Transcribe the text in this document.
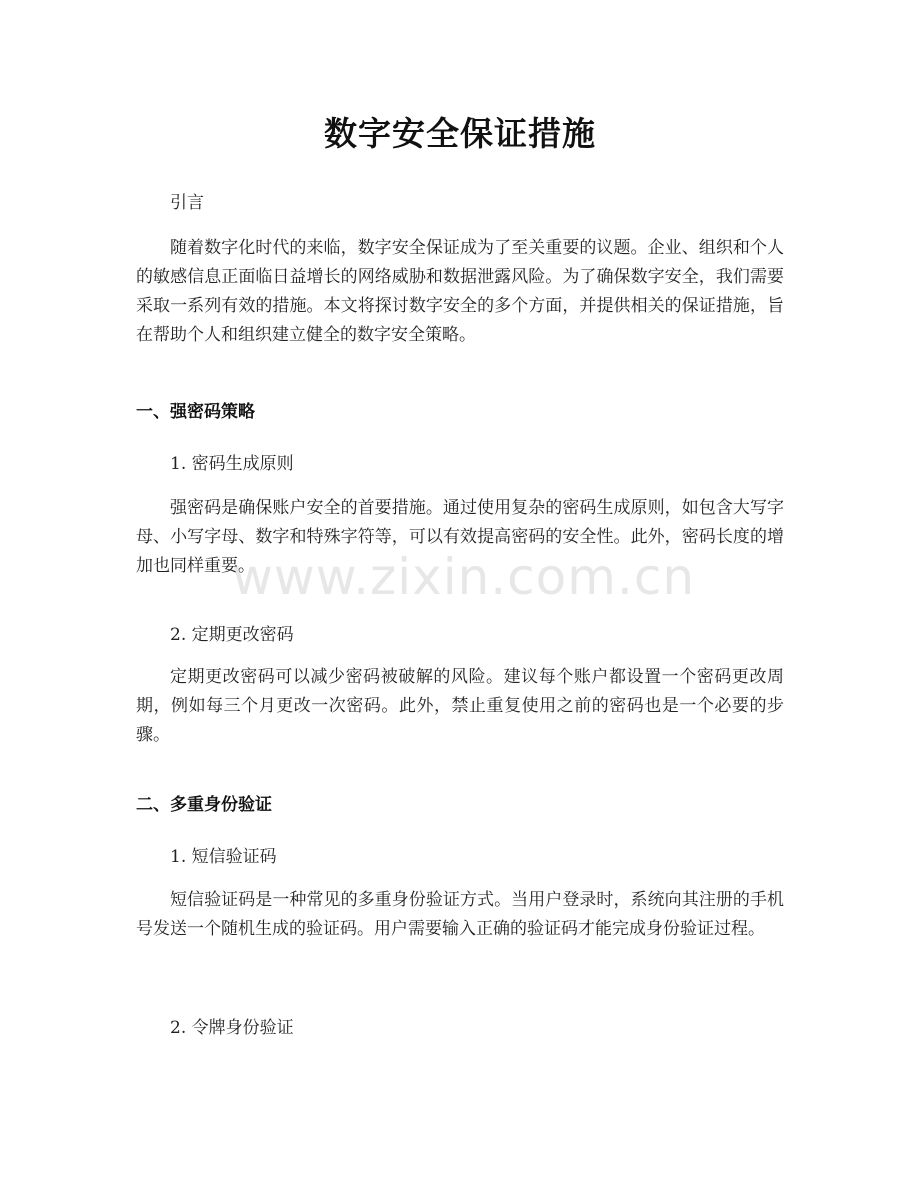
数字安全保证措施
引言
随着数字化时代的来临，数字安全保证成为了至关重要的议题。企业、组织和个人的敏感信息正面临日益增长的网络威胁和数据泄露风险。为了确保数字安全，我们需要采取一系列有效的措施。本文将探讨数字安全的多个方面，并提供相关的保证措施，旨在帮助个人和组织建立健全的数字安全策略。
一、强密码策略
1. 密码生成原则
强密码是确保账户安全的首要措施。通过使用复杂的密码生成原则，如包含大写字母、小写字母、数字和特殊字符等，可以有效提高密码的安全性。此外，密码长度的增加也同样重要。
2. 定期更改密码
定期更改密码可以减少密码被破解的风险。建议每个账户都设置一个密码更改周期，例如每三个月更改一次密码。此外，禁止重复使用之前的密码也是一个必要的步骤。
二、多重身份验证
1. 短信验证码
短信验证码是一种常见的多重身份验证方式。当用户登录时，系统向其注册的手机号发送一个随机生成的验证码。用户需要输入正确的验证码才能完成身份验证过程。
2. 令牌身份验证
www.zixin.com.cn
